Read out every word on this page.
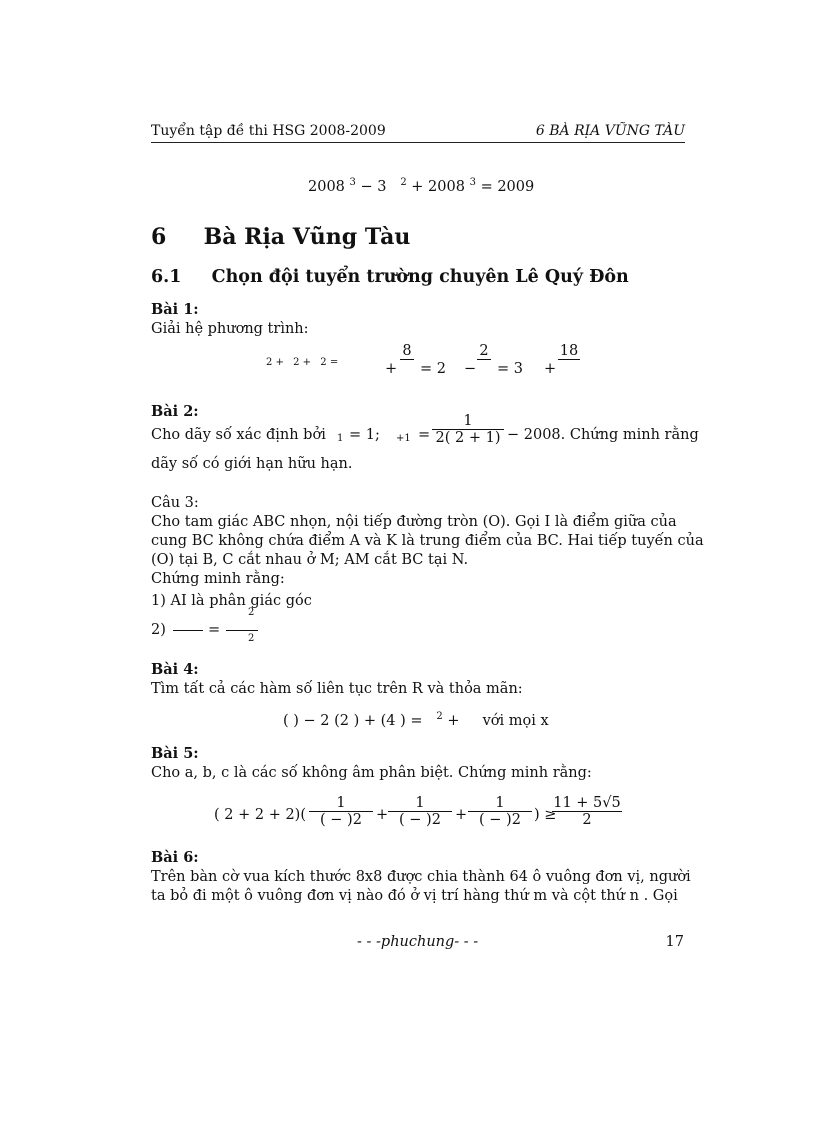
Tuyển tập đề thi HSG 2008-2009	6 BÀ RỊA VŨNG TÀU
2008 $^3$ − 3 $^2$ + 2008 $^3$ = 2009
6 Bà Rịa Vũng Tàu
6.1 Chọn đội tuyển trường chuyên Lê Quý Đôn
Bài 1:
Giải hệ phương trình:
$^{2 +}$ $^{2 +}$ $^{2 =}$	+
8
= 2 −
2
= 3 +
18
Bài 2:
Cho dãy số xác định bởi 1 = 1; +1 =
1
2( 2 + 1) − 2008. Chứng minh rằng
dãy số có giới hạn hữu hạn.
Câu 3:
Cho tam giác ABC nhọn, nội tiếp đường tròn (O). Gọi I là điểm giữa của
cung BC không chứa điểm A và K là trung điểm của BC. Hai tiếp tuyến của
(O) tại B, C cắt nhau ở M; AM cắt BC tại N.
Chứng minh rằng:
1) AI là phân giác góc
2)	=
2
2
Bài 4:
Tìm tất cả các hàm số liên tục trên R và thỏa mãn:
( ) − 2 (2 ) + (4 ) = $^2$ + với mọi x
Bài 5:
Cho a, b, c là các số không âm phân biệt. Chứng minh rằng:
( 2 + 2 + 2)(
1
( − )2 +
1
( − )2 +
1
( − )2 ) ≥
11 + 5√5
2
Bài 6:
Trên bàn cờ vua kích thước 8x8 được chia thành 64 ô vuông đơn vị, người
ta bỏ đi một ô vuông đơn vị nào đó ở vị trí hàng thứ m và cột thứ n . Gọi
- - -phuchung- - -	17
